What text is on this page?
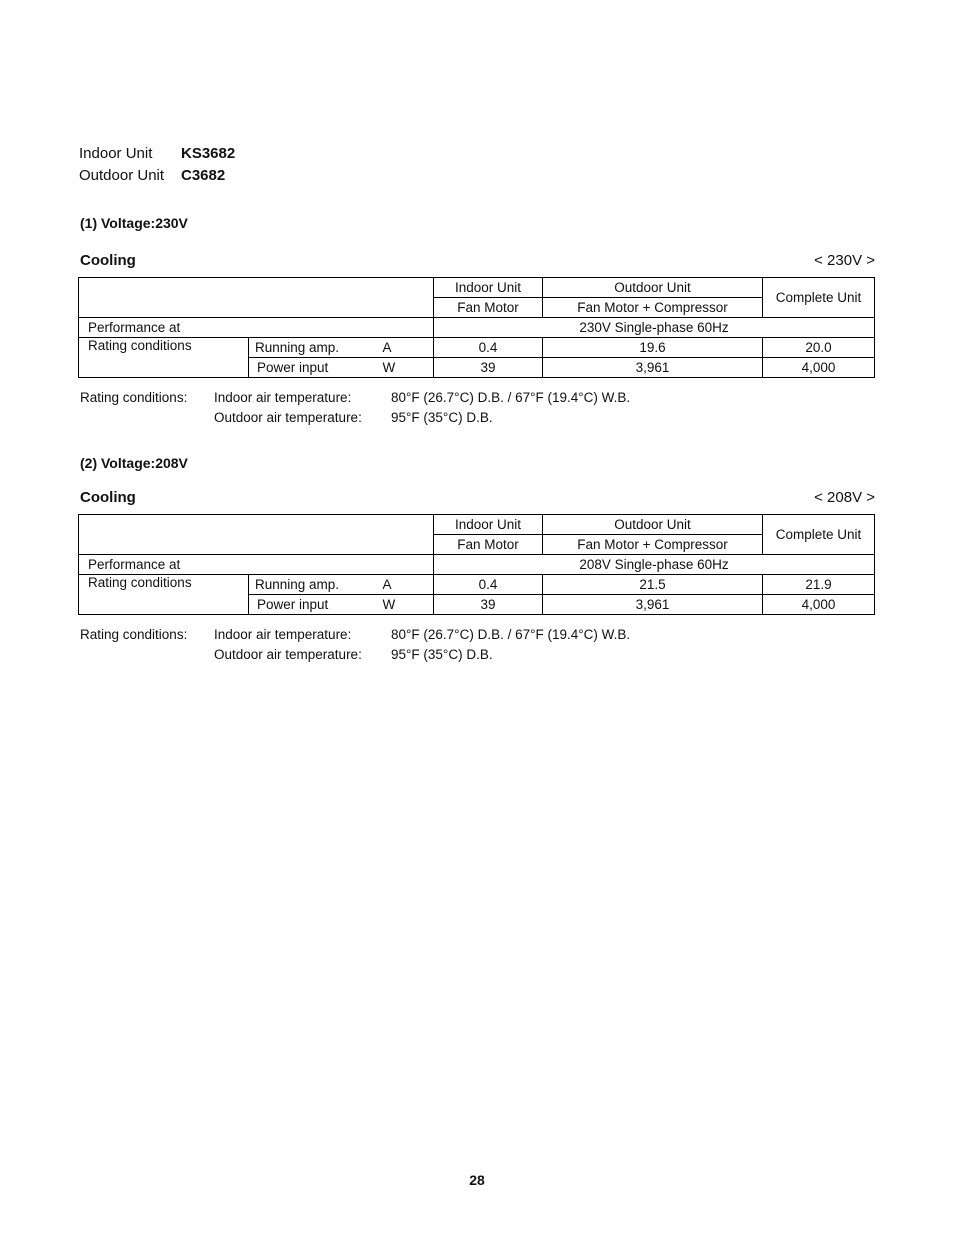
Indoor Unit	KS3682
Outdoor Unit	C3682
(1) Voltage:230V
Cooling	< 230V >
			Indoor Unit	Outdoor Unit	Complete Unit
			Fan Motor	Fan Motor + Compressor	
Performance at			230V Single-phase 60Hz		
Rating conditions	Running amp.	A	0.4	19.6	20.0
	Power input	W	39	3,961	4,000
Rating conditions:	Indoor air temperature:	80°F (26.7°C) D.B. / 67°F (19.4°C) W.B.
Outdoor air temperature:	95°F (35°C) D.B.
(2) Voltage:208V
Cooling	< 208V >
			Indoor Unit	Outdoor Unit	Complete Unit
			Fan Motor	Fan Motor + Compressor	
Performance at			208V Single-phase 60Hz		
Rating conditions	Running amp.	A	0.4	21.5	21.9
	Power input	W	39	3,961	4,000
Rating conditions:	Indoor air temperature:	80°F (26.7°C) D.B. / 67°F (19.4°C) W.B.
Outdoor air temperature:	95°F (35°C) D.B.
28
